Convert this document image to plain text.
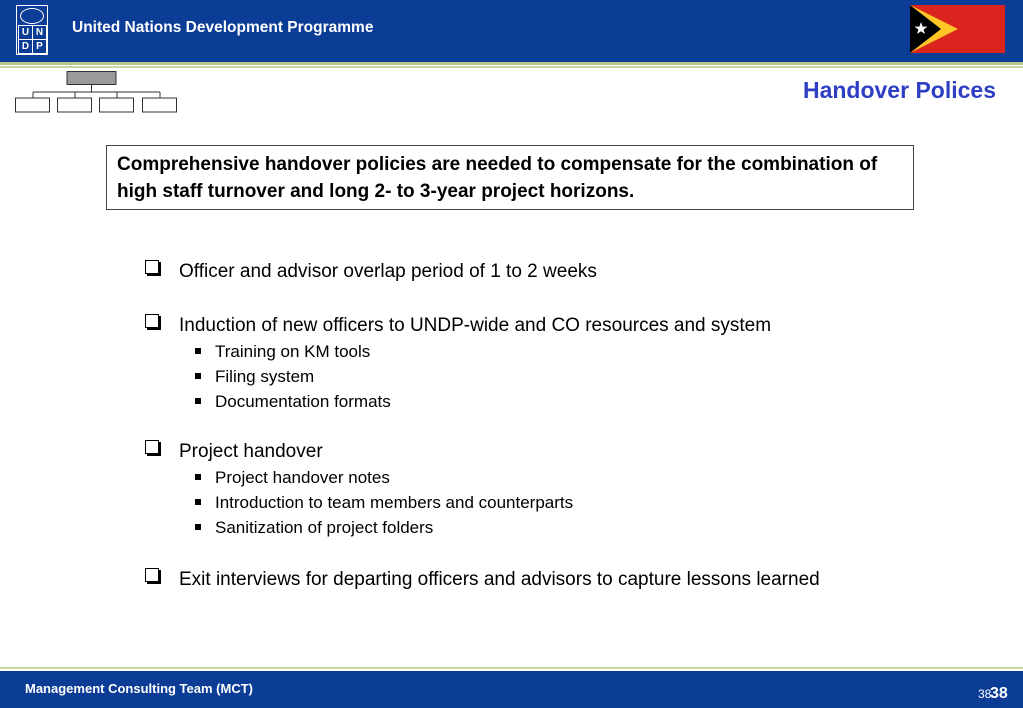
U N
D P
United Nations Development Programme
Handover Polices
Comprehensive handover policies are needed to compensate for the combination of high staff turnover and long 2- to 3-year project horizons.
Officer and advisor overlap period of 1 to 2 weeks
Induction of new officers to UNDP-wide and CO resources and system
Training on KM tools
Filing system
Documentation formats
Project handover
Project handover notes
Introduction to team members and counterparts
Sanitization of project folders
Exit interviews for departing officers and advisors to capture lessons learned
Management Consulting Team (MCT)	38
38
